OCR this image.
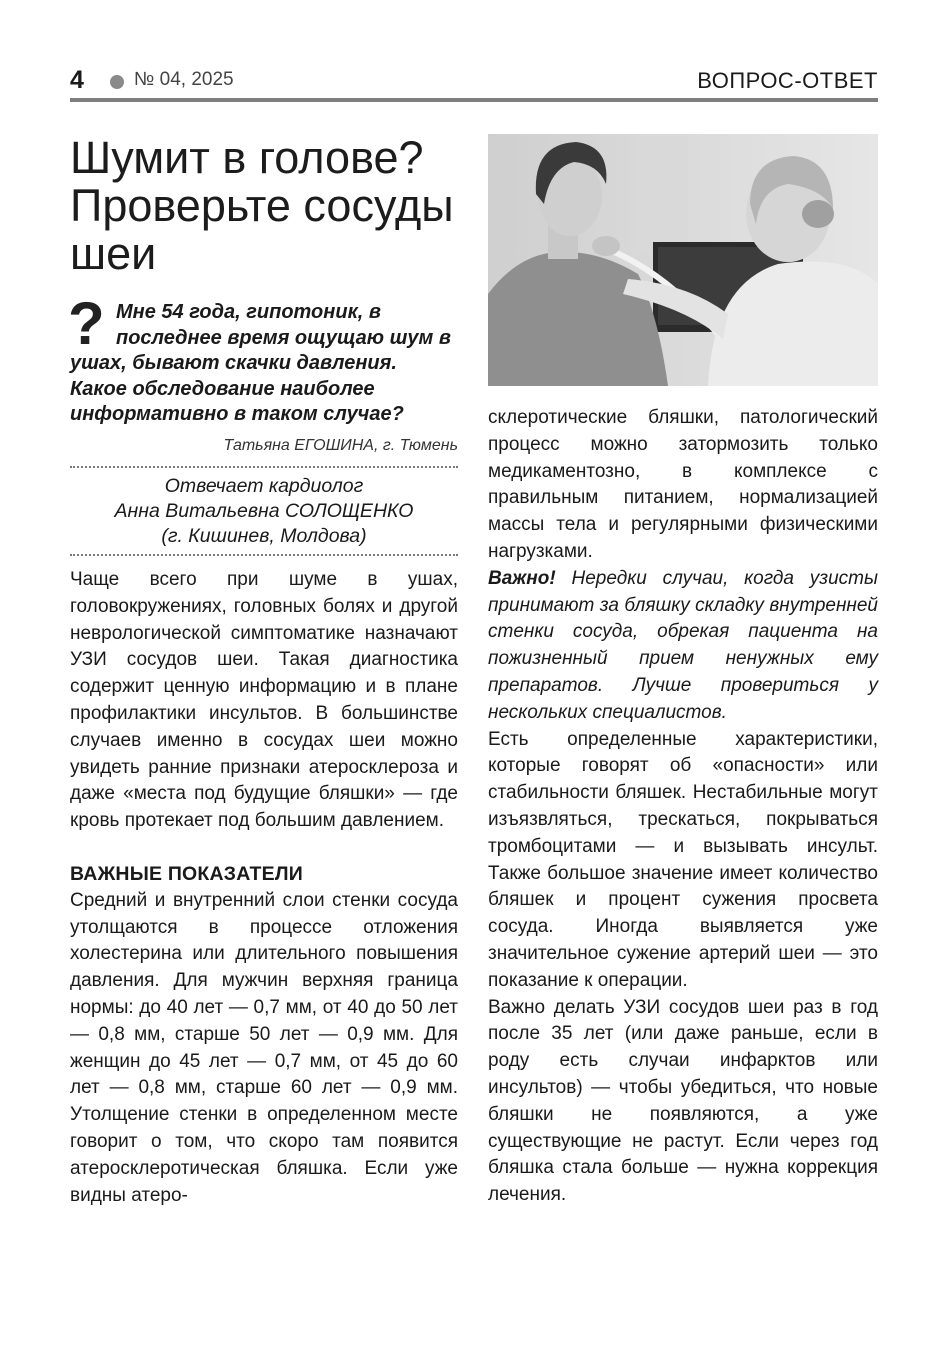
4	№ 04, 2025	ВОПРОС-ОТВЕТ
Шумит в голове? Проверьте сосуды шеи
? Мне 54 года, гипотоник, в последнее время ощущаю шум в ушах, бывают скачки давления. Какое обследование наиболее информативно в таком случае?

Татьяна ЕГОШИНА, г. Тюмень
Отвечает кардиолог
Анна Витальевна СОЛОЩЕНКО
(г. Кишинев, Молдова)

Чаще всего при шуме в ушах, головокружениях, головных болях и другой неврологической симптоматике назначают УЗИ сосудов шеи. Такая диагностика содержит ценную информацию и в плане профилактики инсультов. В большинстве случаев именно в сосудах шеи можно увидеть ранние признаки атеросклероза и даже «места под будущие бляшки» — где кровь протекает под большим давлением.

ВАЖНЫЕ ПОКАЗАТЕЛИ

Средний и внутренний слои стенки сосуда утолщаются в процессе отложения холестерина или длительного повышения давления. Для мужчин верхняя граница нормы: до 40 лет — 0,7 мм, от 40 до 50 лет — 0,8 мм, старше 50 лет — 0,9 мм. Для женщин до 45 лет — 0,7 мм, от 45 до 60 лет — 0,8 мм, старше 60 лет — 0,9 мм. Утолщение стенки в определенном месте говорит о том, что скоро там появится атеросклеротическая бляшка. Если уже видны атеро-

склеротические бляшки, патологический процесс можно затормозить только медикаментозно, в комплексе с правильным питанием, нормализацией массы тела и регулярными физическими нагрузками.

Важно! Нередки случаи, когда узисты принимают за бляшку складку внутренней стенки сосуда, обрекая пациента на пожизненный прием ненужных ему препаратов. Лучше провериться у нескольких специалистов.

Есть определенные характеристики, которые говорят об «опасности» или стабильности бляшек. Нестабильные могут изъязвляться, трескаться, покрываться тромбоцитами — и вызывать инсульт. Также большое значение имеет количество бляшек и процент сужения просвета сосуда. Иногда выявляется уже значительное сужение артерий шеи — это показание к операции.

Важно делать УЗИ сосудов шеи раз в год после 35 лет (или даже раньше, если в роду есть случаи инфарктов или инсультов) — чтобы убедиться, что новые бляшки не появляются, а уже существующие не растут. Если через год бляшка стала больше — нужна коррекция лечения.
